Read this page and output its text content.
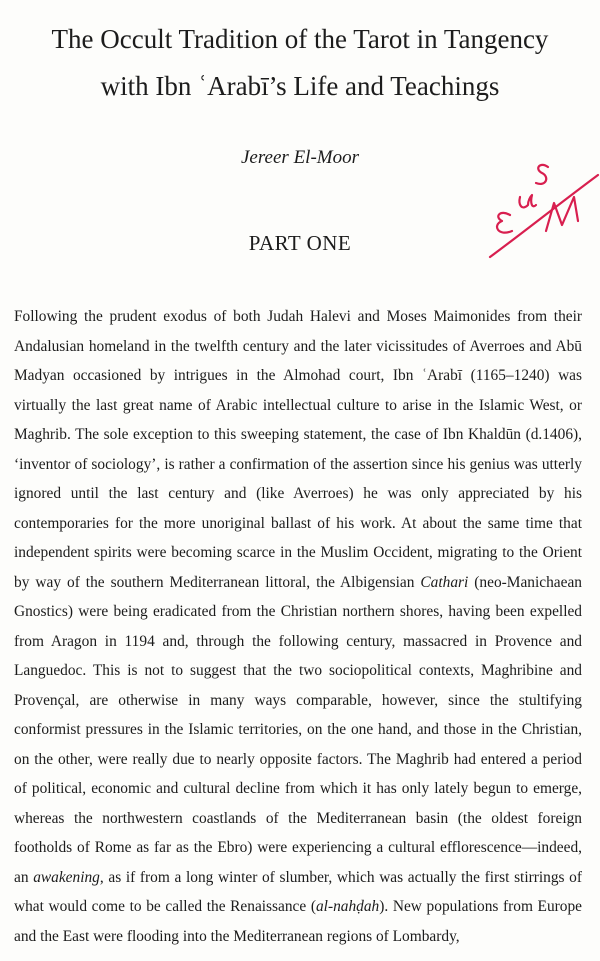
The Occult Tradition of the Tarot in Tangency
with Ibn ʿArabī’s Life and Teachings
Jereer El-Moor
PART ONE

Following the prudent exodus of both Judah Halevi and Moses Maimonides from their Andalusian homeland in the twelfth century and the later vicissitudes of Averroes and Abū Madyan occasioned by intrigues in the Almohad court, Ibn ʿArabī (1165–1240) was virtually the last great name of Arabic intellectual culture to arise in the Islamic West, or Maghrib. The sole exception to this sweeping statement, the case of Ibn Khaldūn (d.1406), ‘inventor of sociology’, is rather a confirmation of the assertion since his genius was utterly ignored until the last century and (like Averroes) he was only appreciated by his contemporaries for the more unoriginal ballast of his work. At about the same time that independent spirits were becoming scarce in the Muslim Occident, migrating to the Orient by way of the southern Mediterranean littoral, the Albigensian Cathari (neo-Manichaean Gnostics) were being eradicated from the Christian northern shores, having been expelled from Aragon in 1194 and, through the following century, massacred in Provence and Languedoc. This is not to suggest that the two sociopolitical contexts, Maghribine and Provençal, are otherwise in many ways comparable, however, since the stultifying conformist pressures in the Islamic territories, on the one hand, and those in the Christian, on the other, were really due to nearly opposite factors. The Maghrib had entered a period of political, economic and cultural decline from which it has only lately begun to emerge, whereas the northwestern coastlands of the Mediterranean basin (the oldest foreign footholds of Rome as far as the Ebro) were experiencing a cultural efflorescence—indeed, an awakening, as if from a long winter of slumber, which was actually the first stirrings of what would come to be called the Renaissance (al-nahḍah). New populations from Europe and the East were flooding into the Mediterranean regions of Lombardy,
